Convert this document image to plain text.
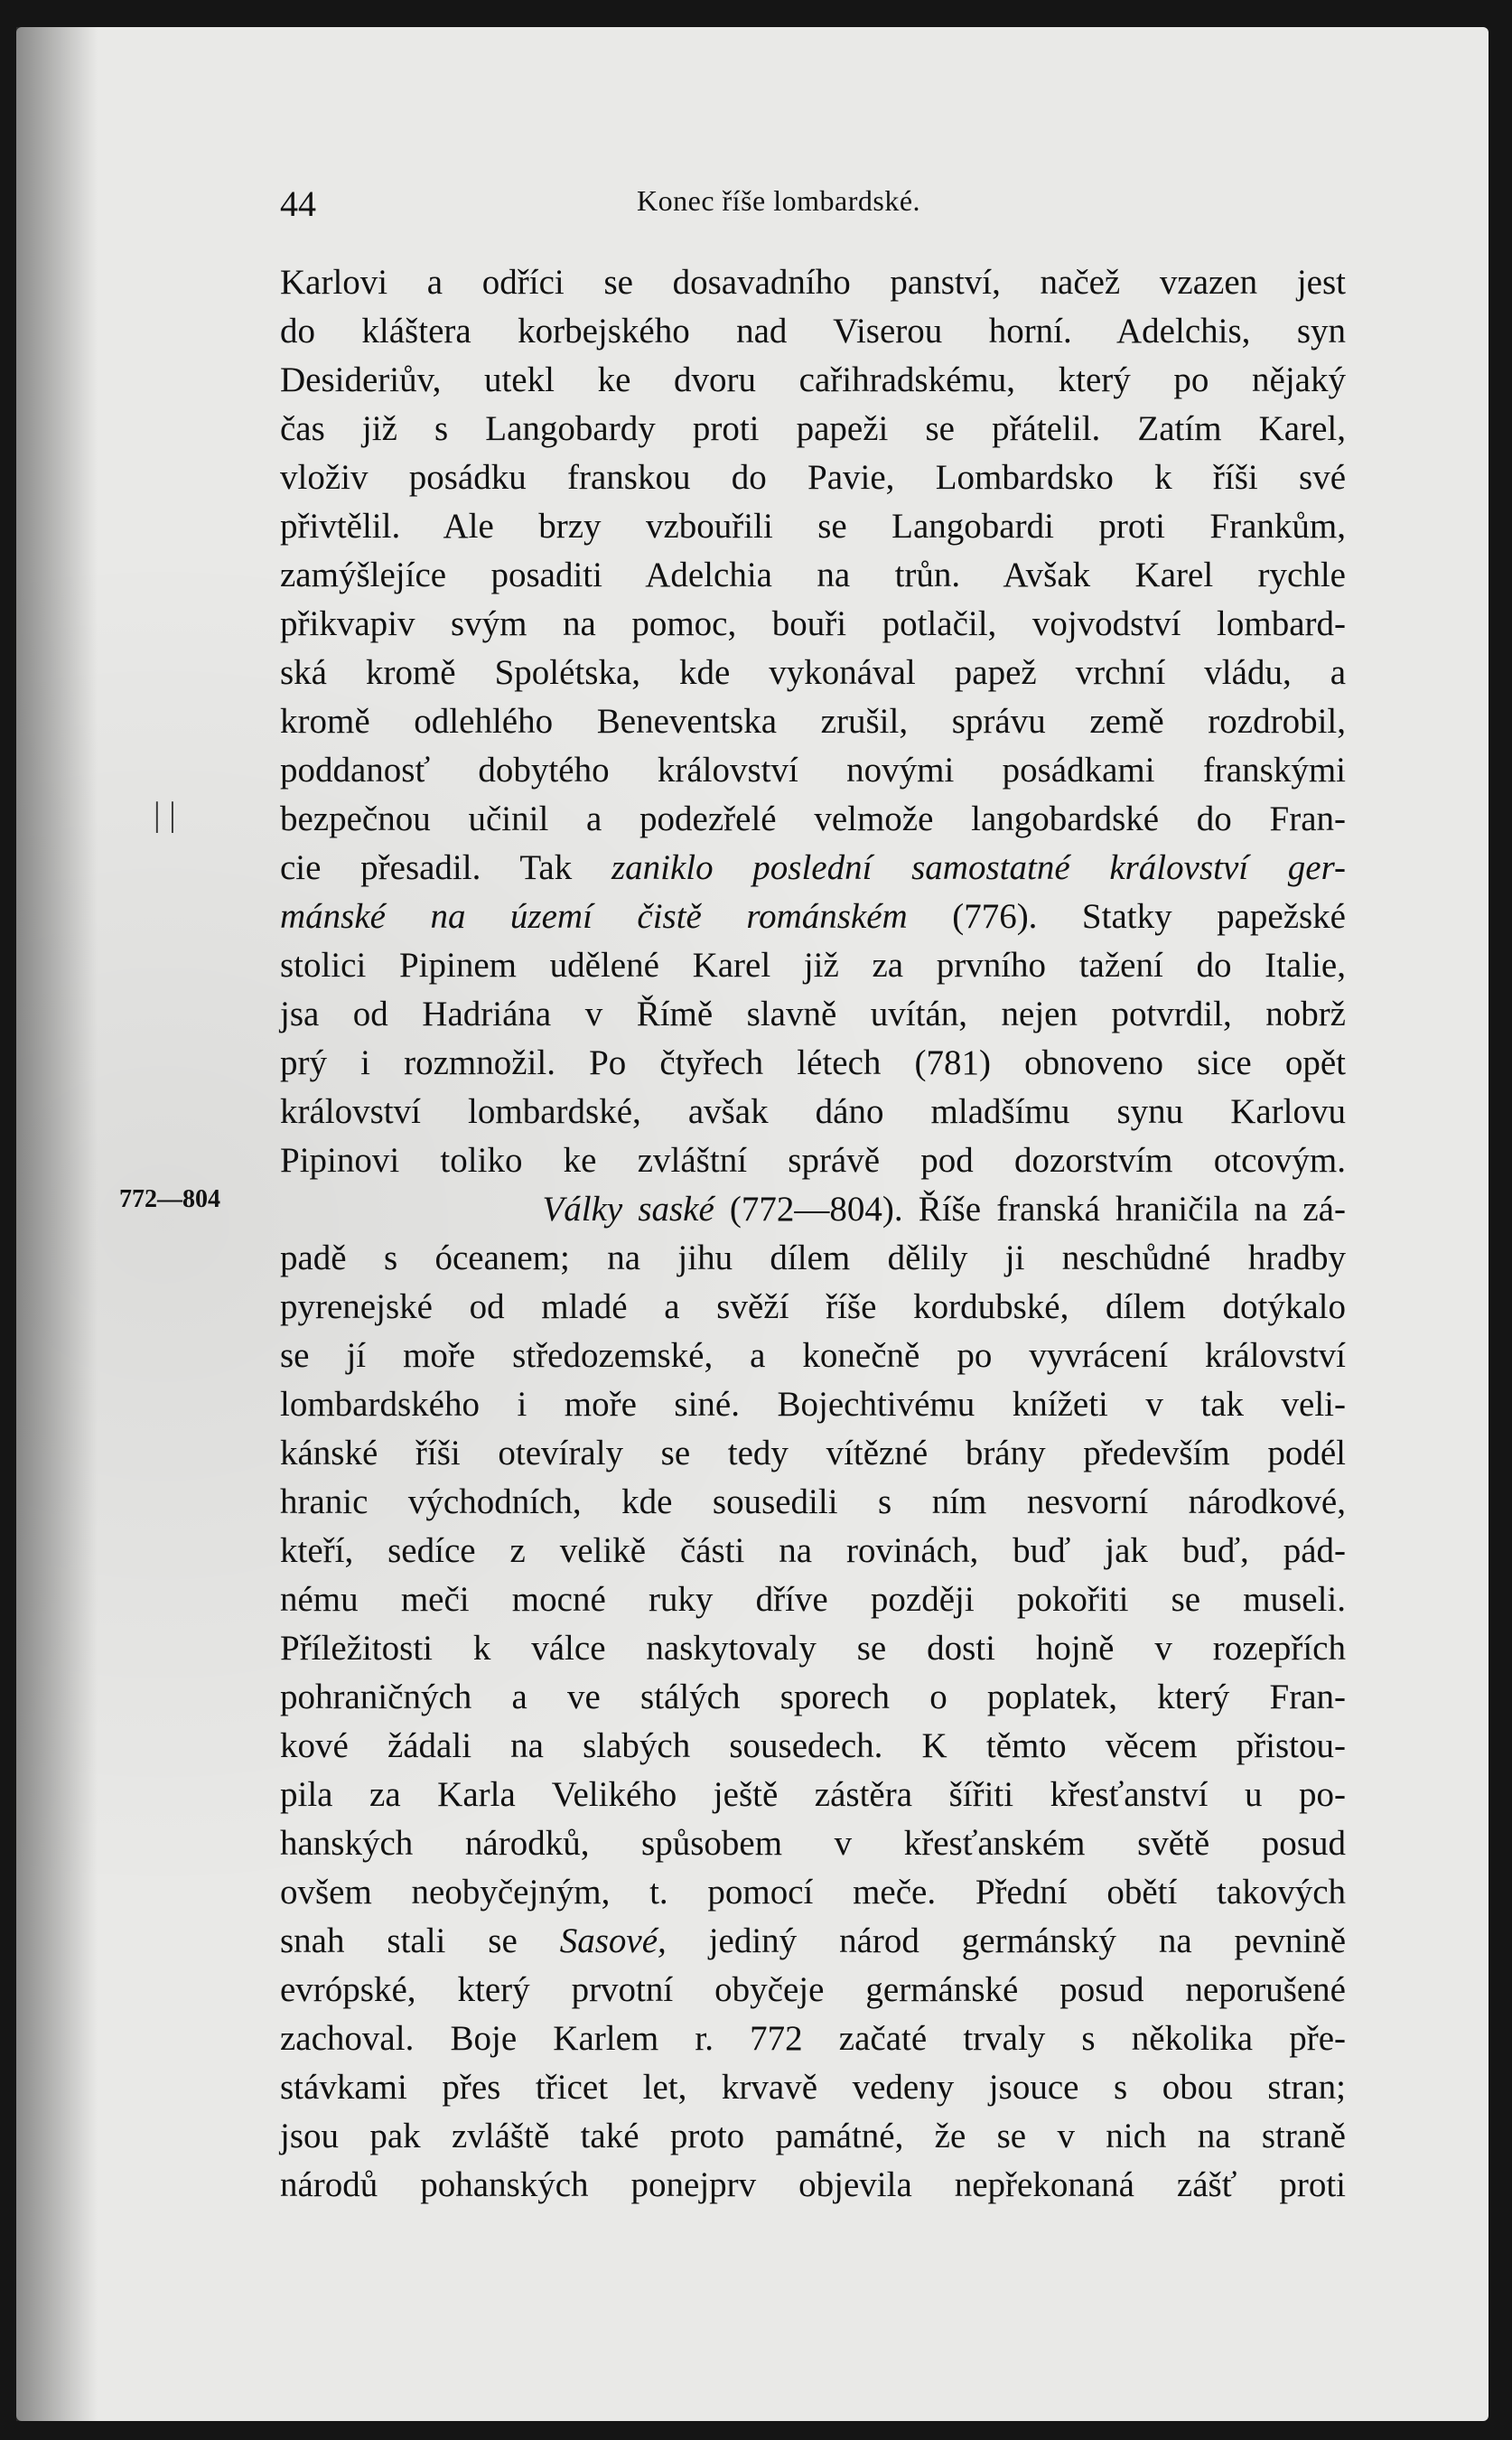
44	Konec říše lombardské.
| |
772—804
Karlovi a odříci se dosavadního panství, načež vzazen jest
do kláštera korbejského nad Viserou horní. Adelchis, syn
Desideriův, utekl ke dvoru cařihradskému, který po nějaký
čas již s Langobardy proti papeži se přátelil. Zatím Karel,
vloživ posádku franskou do Pavie, Lombardsko k říši své
přivtělil. Ale brzy vzbouřili se Langobardi proti Frankům,
zamýšlejíce posaditi Adelchia na trůn. Avšak Karel rychle
přikvapiv svým na pomoc, bouři potlačil, vojvodství lombard-
ská kromě Spolétska, kde vykonával papež vrchní vládu, a
kromě odlehlého Beneventska zrušil, správu země rozdrobil,
poddanosť dobytého království novými posádkami franskými
bezpečnou učinil a podezřelé velmože langobardské do Fran-
cie přesadil. Tak zaniklo poslední samostatné království ger-
mánské na území čistě románském (776). Statky papežské
stolici Pipinem udělené Karel již za prvního tažení do Italie,
jsa od Hadriána v Římě slavně uvítán, nejen potvrdil, nobrž
prý i rozmnožil. Po čtyřech létech (781) obnoveno sice opět
království lombardské, avšak dáno mladšímu synu Karlovu
Pipinovi toliko ke zvláštní správě pod dozorstvím otcovým.
Války saské (772—804). Říše franská hraničila na zá-
padě s óceanem; na jihu dílem dělily ji neschůdné hradby
pyrenejské od mladé a svěží říše kordubské, dílem dotýkalo
se jí moře středozemské, a konečně po vyvrácení království
lombardského i moře siné. Bojechtivému knížeti v tak veli-
kánské říši otevíraly se tedy vítězné brány především podél
hranic východních, kde sousedili s ním nesvorní národkové,
kteří, sedíce z velikě části na rovinách, buď jak buď, pád-
nému meči mocné ruky dříve později pokořiti se museli.
Příležitosti k válce naskytovaly se dosti hojně v rozepřích
pohraničných a ve stálých sporech o poplatek, který Fran-
kové žádali na slabých sousedech. K těmto věcem přistou-
pila za Karla Velikého ještě zástěra šířiti křesťanství u po-
hanských národků, spůsobem v křesťanském světě posud
ovšem neobyčejným, t. pomocí meče. Přední obětí takových
snah stali se Sasové, jediný národ germánský na pevnině
evrópské, který prvotní obyčeje germánské posud neporušené
zachoval. Boje Karlem r. 772 začaté trvaly s několika pře-
stávkami přes třicet let, krvavě vedeny jsouce s obou stran;
jsou pak zvláště také proto památné, že se v nich na straně
národů pohanských ponejprv objevila nepřekonaná zášť proti
